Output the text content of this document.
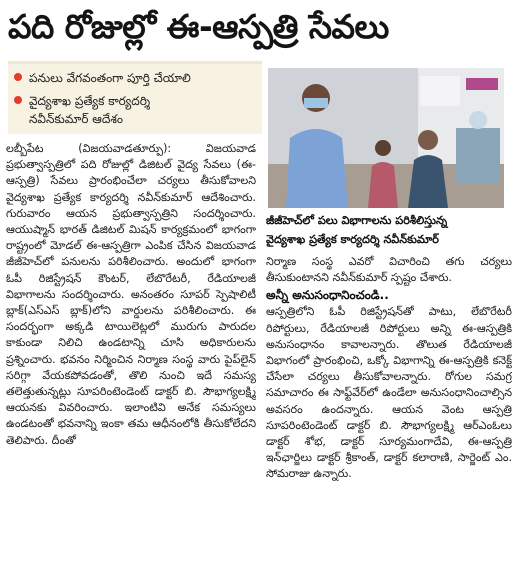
పది రోజుల్లో ఈ-ఆస్పత్రి సేవలు
పనులు వేగవంతంగా పూర్తి చేయాలి
వైద్యశాఖ ప్రత్యేక కార్యదర్శి
నవీన్‌కుమార్ ఆదేశం

లబ్బీపేట (విజయవాడతూర్పు): విజయవాడ ప్రభుత్వాస్పత్రిలో పది రోజుల్లో డిజిటల్ వైద్య సేవలు (ఈ-ఆస్పత్రి) సేవలు ప్రారంభించేలా చర్యలు తీసుకోవాలని వైద్యశాఖ ప్రత్యేక కార్యదర్శి నవీన్‌కుమార్ ఆదేశించారు. గురువారం ఆయన ప్రభుత్వాస్పత్రిని సందర్శించారు. ఆయుష్మాన్ భారత్ డిజిటల్ మిషన్ కార్యక్రమంలో భాగంగా రాష్ట్రంలో మోడల్ ఈ-ఆస్పత్రిగా ఎంపిక చేసిన విజయవాడ జీజీహెచ్‌లో పనులను పరిశీలించారు. అందులో భాగంగా ఓపీ రిజిస్ట్రేషన్ కౌంటర్, లేబొరేటరీ, రేడియాలజీ విభాగాలను సందర్శించారు. అనంతరం సూపర్ స్పెషాలిటీ బ్లాక్(ఎస్ఎస్ బ్లాక్)లోని వార్డులను పరిశీలించారు. ఈ సందర్భంగా అక్కడి టాయిలెట్లలో మురుగు పారుదల కాకుండా నిలిచి ఉండటాన్ని చూసి అధికారులను ప్రశ్నించారు. భవనం నిర్మించిన నిర్మాణ సంస్థ వారు పైప్‌లైన్ సరిగ్గా వేయకపోవడంతో, తొలి నుంచి ఇదే సమస్య తలెత్తుతున్నట్లు సూపరింటెండెంట్ డాక్టర్ బి. సౌభాగ్యలక్ష్మి ఆయనకు వివరించారు. ఇలాంటివి అనేక సమస్యలు ఉండటంతో భవనాన్ని ఇంకా తమ ఆధీనంలోకి తీసుకోలేదని తెలిపారు. దీంతో

జీజీహెచ్‌లో పలు విభాగాలను పరిశీలిస్తున్న
వైద్యశాఖ ప్రత్యేక కార్యదర్శి నవీన్‌కుమార్

నిర్మాణ సంస్థ ఎవరో విచారించి తగు చర్యలు తీసుకుంటానని నవీన్‌కుమార్ స్పష్టం చేశారు.

అన్నీ అనుసంధానించండి..

ఆస్పత్రిలోని ఓపీ రిజిస్ట్రేషన్‌తో పాటు, లేబొరేటరీ రిపోర్టులు, రేడియాలజీ రిపోర్టులు అన్ని ఈ-ఆస్పత్రికి అనుసంధానం కావాలన్నారు. తొలుత రేడియాలజీ విభాగంలో ప్రారంభించి, ఒక్కో విభాగాన్ని ఈ-ఆస్పత్రికి కనెక్ట్ చేసేలా చర్యలు తీసుకోవాలన్నారు. రోగుల సమగ్ర సమాచారం ఈ సాఫ్ట్‌వేర్‌లో ఉండేలా అనుసంధానించాల్సిన అవసరం ఉందన్నారు. ఆయన వెంట ఆస్పత్రి సూపరింటెండెంట్ డాక్టర్ బి. సౌభాగ్యలక్ష్మి ఆర్ఎంఓలు డాక్టర్ శోభ, డాక్టర్ సూర్యమంగాదేవి, ఈ-ఆస్పత్రి ఇన్‌ఛార్జిలు డాక్టర్ శ్రీకాంత్, డాక్టర్ కలారాణి, సార్జెంట్ ఎం. సోమరాజు ఉన్నారు.
